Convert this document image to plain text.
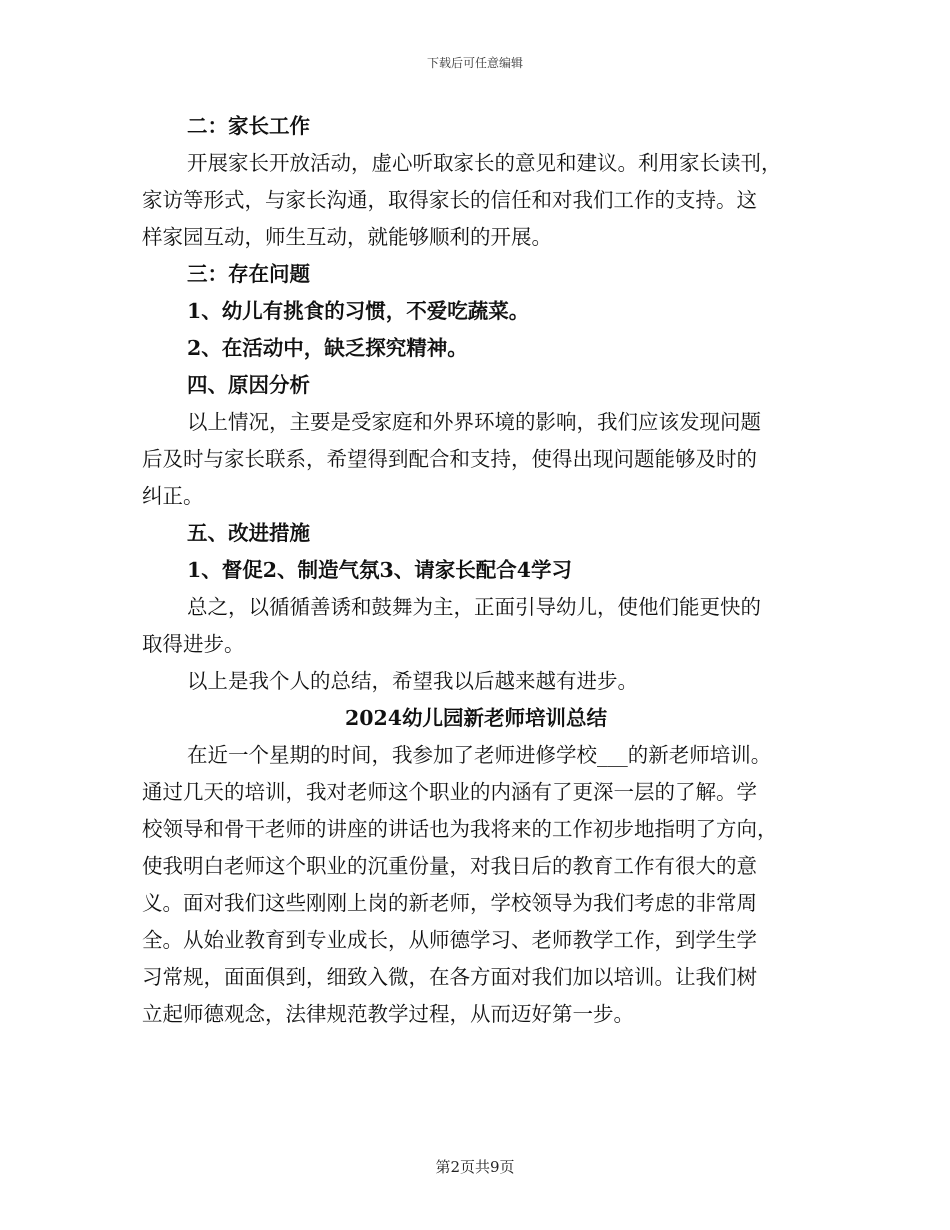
下载后可任意编辑

二：家长工作

开展家长开放活动，虚心听取家长的意见和建议。利用家长读刊，

家访等形式，与家长沟通，取得家长的信任和对我们工作的支持。这

样家园互动，师生互动，就能够顺利的开展。

三：存在问题

1、幼儿有挑食的习惯，不爱吃蔬菜。

2、在活动中，缺乏探究精神。

四、原因分析

以上情况，主要是受家庭和外界环境的影响，我们应该发现问题

后及时与家长联系，希望得到配合和支持，使得出现问题能够及时的

纠正。

五、改进措施

1、督促2、制造气氛3、请家长配合4学习

总之，以循循善诱和鼓舞为主，正面引导幼儿，使他们能更快的

取得进步。

以上是我个人的总结，希望我以后越来越有进步。

2024幼儿园新老师培训总结

在近一个星期的时间，我参加了老师进修学校___的新老师培训。

通过几天的培训，我对老师这个职业的内涵有了更深一层的了解。学

校领导和骨干老师的讲座的讲话也为我将来的工作初步地指明了方向，

使我明白老师这个职业的沉重份量，对我日后的教育工作有很大的意

义。面对我们这些刚刚上岗的新老师，学校领导为我们考虑的非常周

全。从始业教育到专业成长，从师德学习、老师教学工作，到学生学

习常规，面面俱到，细致入微，在各方面对我们加以培训。让我们树

立起师德观念，法律规范教学过程，从而迈好第一步。

第2页共9页
